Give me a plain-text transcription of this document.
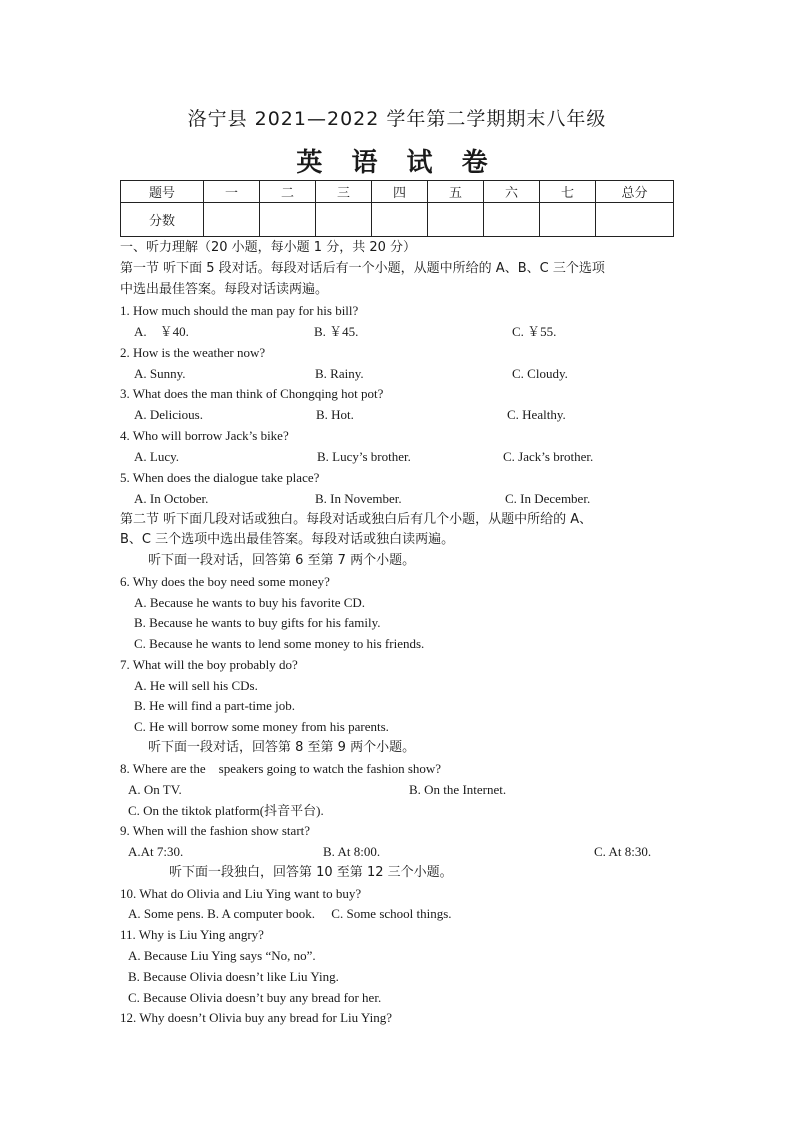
洛宁县 2021—2022 学年第二学期期末八年级
英 语 试 卷
题号	一	二	三	四	五	六	七	总分
分数								
一、听力理解（20 小题，每小题 1 分，共 20 分）
第一节 听下面 5 段对话。每段对话后有一个小题，从题中所给的 A、B、C 三个选项
中选出最佳答案。每段对话读两遍。
1. How much should the man pay for his bill?
A.　￥40.	B. ￥45.	C. ￥55.
2. How is the weather now?
A. Sunny.	B. Rainy.	C. Cloudy.
3. What does the man think of Chongqing hot pot?
A. Delicious.	B. Hot.	C. Healthy.
4. Who will borrow Jack’s bike?
A. Lucy.	B. Lucy’s brother.	C. Jack’s brother.
5. When does the dialogue take place?
A. In October.	B. In November.	C. In December.
第二节 听下面几段对话或独白。每段对话或独白后有几个小题，从题中所给的 A、
B、C 三个选项中选出最佳答案。每段对话或独白读两遍。
听下面一段对话，回答第 6 至第 7 两个小题。
6. Why does the boy need some money?
A. Because he wants to buy his favorite CD.
B. Because he wants to buy gifts for his family.
C. Because he wants to lend some money to his friends.
7. What will the boy probably do?
A. He will sell his CDs.
B. He will find a part-time job.
C. He will borrow some money from his parents.
听下面一段对话，回答第 8 至第 9 两个小题。
8. Where are the　speakers going to watch the fashion show?
A. On TV.	B. On the Internet.
C. On the tiktok platform(抖音平台).
9. When will the fashion show start?
A.At 7:30.	B. At 8:00.	C. At 8:30.
听下面一段独白，回答第 10 至第 12 三个小题。
10. What do Olivia and Liu Ying want to buy?
A. Some pens. B. A computer book.　 C. Some school things.
11. Why is Liu Ying angry?
A. Because Liu Ying says “No, no”.
B. Because Olivia doesn’t like Liu Ying.
C. Because Olivia doesn’t buy any bread for her.
12. Why doesn’t Olivia buy any bread for Liu Ying?
